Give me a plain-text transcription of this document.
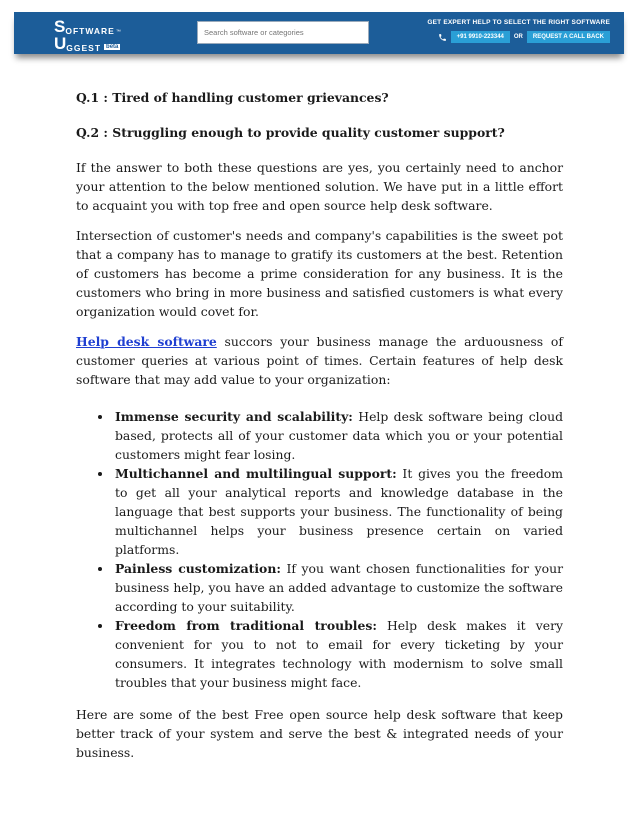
S OFTWARE ™
U GGEST beta
Search software or categories
GET EXPERT HELP TO SELECT THE RIGHT SOFTWARE
+91 9910-223344	OR	REQUEST A CALL BACK

Q.1 : Tired of handling customer grievances?

Q.2 : Struggling enough to provide quality customer support?

If the answer to both these questions are yes, you certainly need to anchor your attention to the below mentioned solution. We have put in a little effort to acquaint you with top free and open source help desk software.

Intersection of customer's needs and company's capabilities is the sweet pot that a company has to manage to gratify its customers at the best. Retention of customers has become a prime consideration for any business. It is the customers who bring in more business and satisfied customers is what every organization would covet for.

Help desk software succors your business manage the arduousness of customer queries at various point of times. Certain features of help desk software that may add value to your organization:

• Immense security and scalability: Help desk software being cloud based, protects all of your customer data which you or your potential customers might fear losing.
• Multichannel and multilingual support: It gives you the freedom to get all your analytical reports and knowledge database in the language that best supports your business. The functionality of being multichannel helps your business presence certain on varied platforms.
• Painless customization: If you want chosen functionalities for your business help, you have an added advantage to customize the software according to your suitability.
• Freedom from traditional troubles: Help desk makes it very convenient for you to not to email for every ticketing by your consumers. It integrates technology with modernism to solve small troubles that your business might face.

Here are some of the best Free open source help desk software that keep better track of your system and serve the best & integrated needs of your business.
